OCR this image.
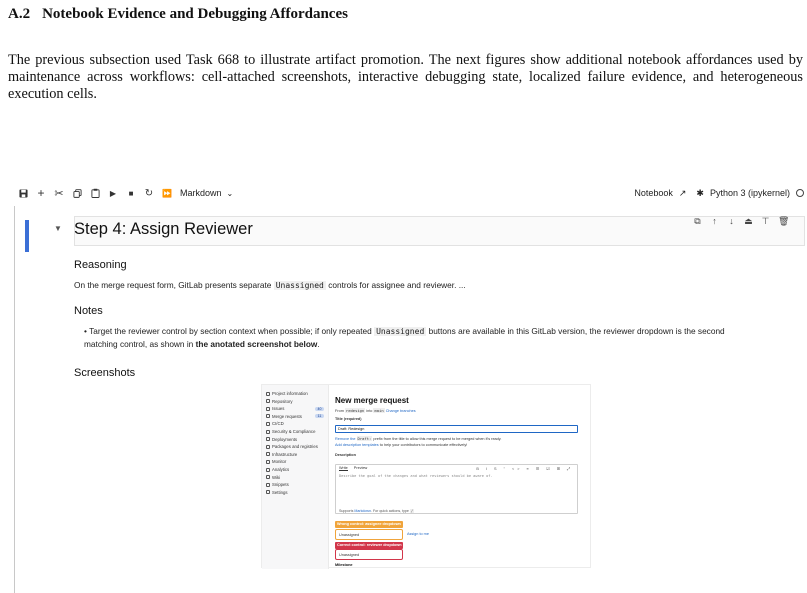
A.2 Notebook Evidence and Debugging Affordances

The previous subsection used Task 668 to illustrate artifact promotion. The next figures show additional notebook affordances used by maintenance across workflows: cell-attached screenshots, interactive debugging state, localized failure evidence, and heterogeneous execution cells.

+ ✂	▶	■	↻	⏩ Markdown ⌄	Notebook ↗ ✱ Python 3 (ipykernel)
▼ Step 4: Assign Reviewer	⧉ ↑ ↓ ⏏ ⊤ 🗑
Reasoning
On the merge request form, GitLab presents separate Unassigned controls for assignee and reviewer. ...
Notes
• Target the reviewer control by section context when possible; if only repeated Unassigned buttons are available in this GitLab version, the reviewer dropdown is the second matching control, as shown in the anotated screenshot below.
Screenshots
Project information
Repository
Issues	40
Merge requests	11
CI/CD
Security & Compliance
Deployments
Packages and registries
Infrastructure
Monitor
Analytics
Wiki
Snippets
Settings
New merge request
From redesign into main Change branches
Title (required)
Draft: Redesign
Remove the Draft: prefix from the title to allow this merge request to be merged when it's ready.
Add description templates to help your contributors to communicate effectively!
Description
Write Preview	B I S " <> ≡ ☰ ☑ ⊞ ⤢
Describe the goal of the changes and what reviewers should be aware of.
Supports Markdown. For quick actions, type /
Wrong control: assignee dropdown
Unassigned	Assign to me
Correct control: reviewer dropdown
Unassigned
Milestone
